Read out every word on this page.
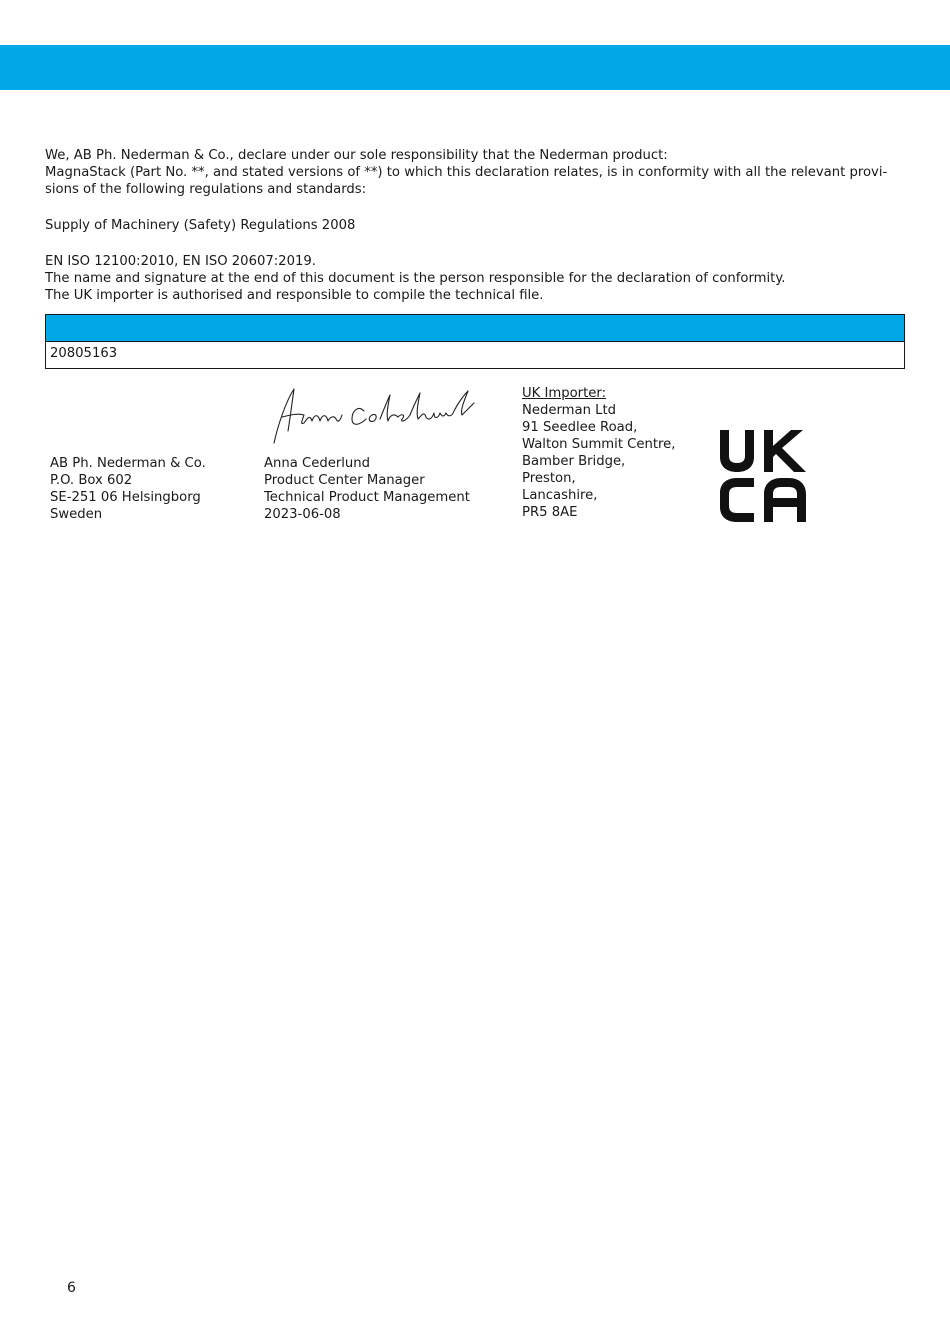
We, AB Ph. Nederman & Co., declare under our sole responsibility that the Nederman product:

MagnaStack (Part No. **, and stated versions of **) to which this declaration relates, is in conformity with all the relevant provi-

sions of the following regulations and standards:

Supply of Machinery (Safety) Regulations 2008

EN ISO 12100:2010, EN ISO 20607:2019.

The name and signature at the end of this document is the person responsible for the declaration of conformity.

The UK importer is authorised and responsible to compile the technical file.

20805163
AB Ph. Nederman & Co.
P.O. Box 602
SE-251 06 Helsingborg
Sweden
Anna Cederlund
Product Center Manager
Technical Product Management
2023-06-08
UK Importer:
Nederman Ltd
91 Seedlee Road,
Walton Summit Centre,
Bamber Bridge,
Preston,
Lancashire,
PR5 8AE
6
